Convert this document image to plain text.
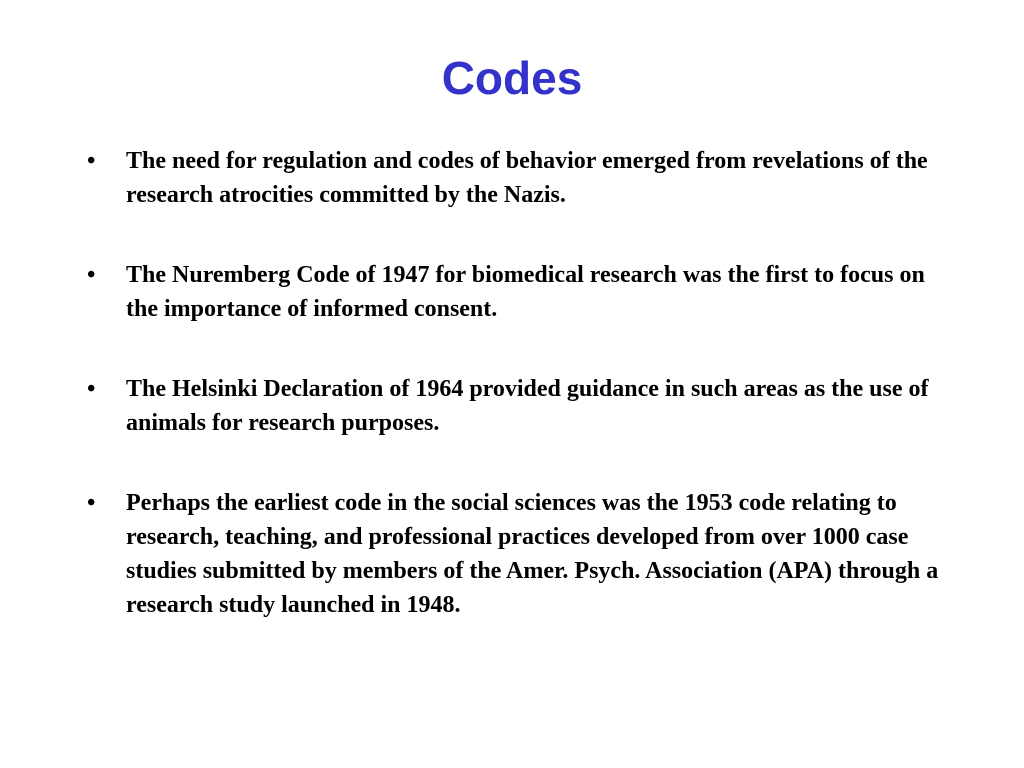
Codes
•	The need for regulation and codes of behavior emerged from revelations of the research atrocities committed by the Nazis.
•	The Nuremberg Code of 1947 for biomedical research was the first to focus on the importance of informed consent.
•	The Helsinki Declaration of 1964 provided guidance in such areas as the use of animals for research purposes.
•	Perhaps the earliest code in the social sciences was the 1953 code relating to research, teaching, and professional practices developed from over 1000 case studies submitted by members of the Amer. Psych. Association (APA) through a research study launched in 1948.
